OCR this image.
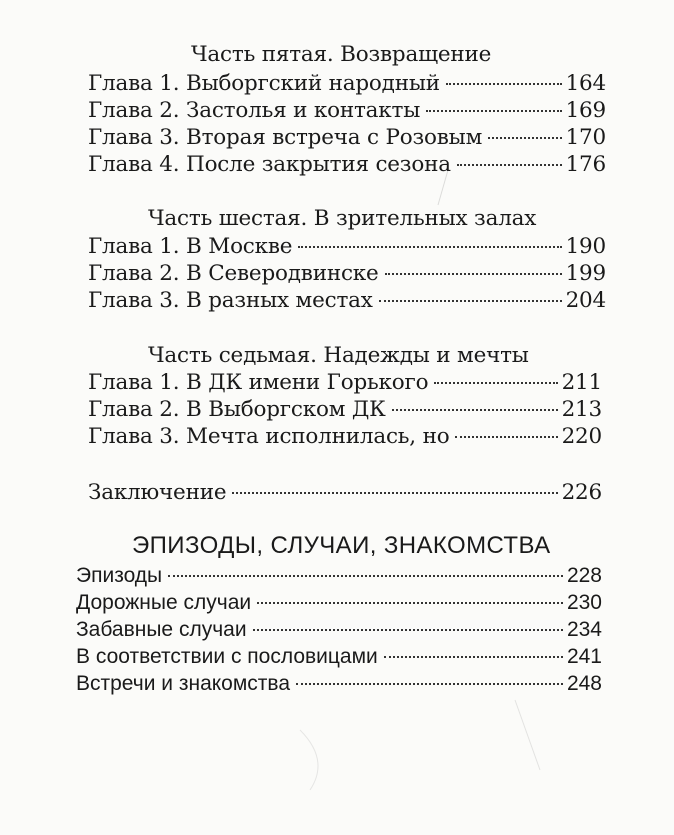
Часть пятая. Возвращение
Глава 1. Выборгский народный	164
Глава 2. Застолья и контакты	169
Глава 3. Вторая встреча с Розовым	170
Глава 4. После закрытия сезона	176
Часть шестая. В зрительных залах
Глава 1. В Москве	190
Глава 2. В Северодвинске	199
Глава 3. В разных местах	204
Часть седьмая. Надежды и мечты
Глава 1. В ДК имени Горького	211
Глава 2. В Выборгском ДК	213
Глава 3. Мечта исполнилась, но	220
Заключение	226
ЭПИЗОДЫ, СЛУЧАИ, ЗНАКОМСТВА
Эпизоды	228
Дорожные случаи	230
Забавные случаи	234
В соответствии с пословицами	241
Встречи и знакомства	248
